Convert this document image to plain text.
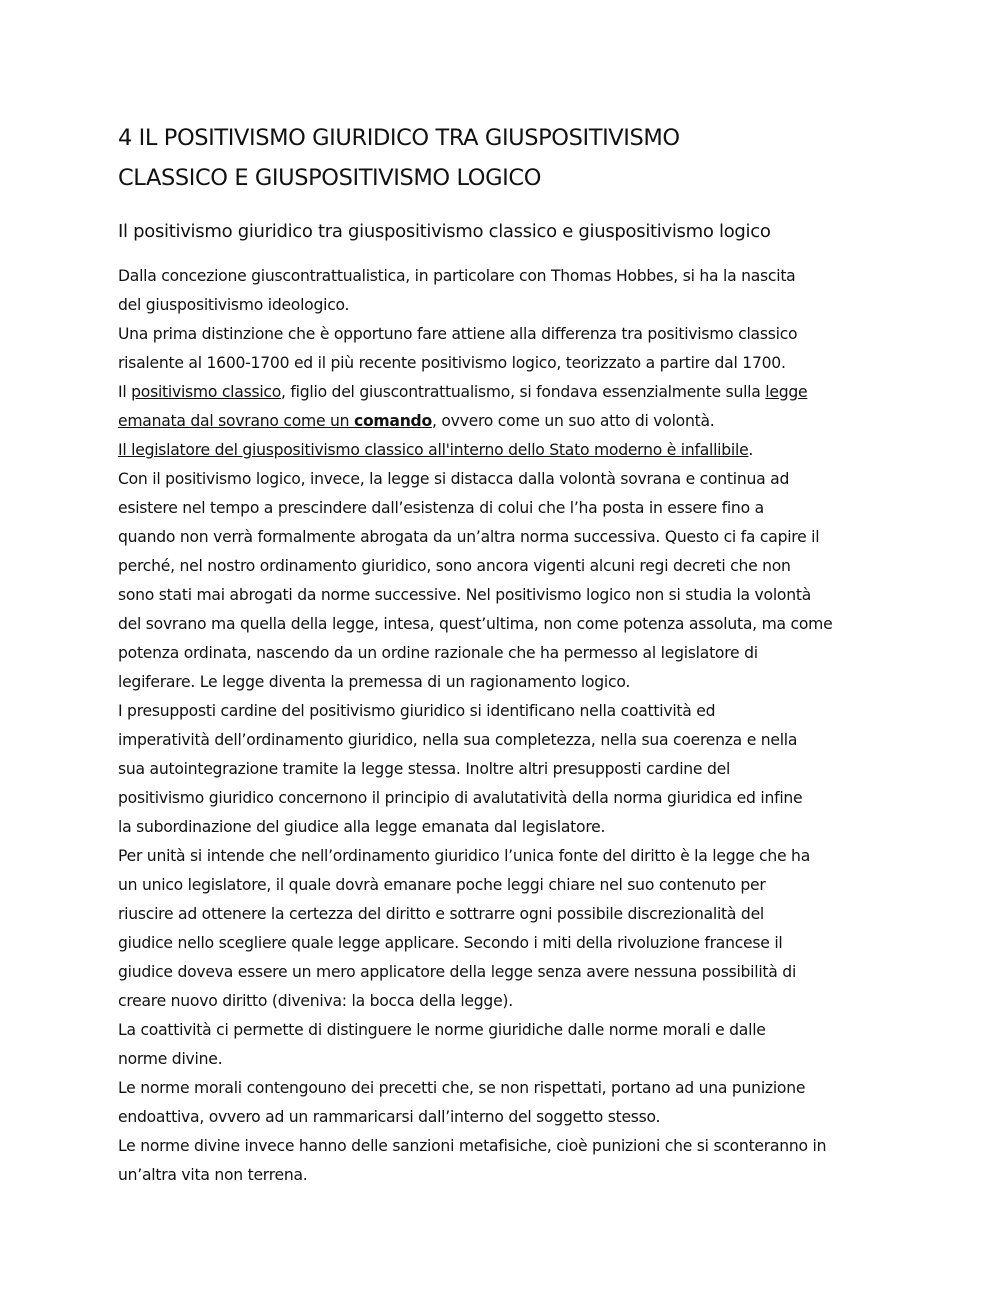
4 IL POSITIVISMO GIURIDICO TRA GIUSPOSITIVISMO
CLASSICO E GIUSPOSITIVISMO LOGICO
Il positivismo giuridico tra giuspositivismo classico e giuspositivismo logico
Dalla concezione giuscontrattualistica, in particolare con Thomas Hobbes, si ha la nascita
del giuspositivismo ideologico.
Una prima distinzione che è opportuno fare attiene alla differenza tra positivismo classico
risalente al 1600-1700 ed il più recente positivismo logico, teorizzato a partire dal 1700.
Il positivismo classico, figlio del giuscontrattualismo, si fondava essenzialmente sulla legge
emanata dal sovrano come un comando, ovvero come un suo atto di volontà.
Il legislatore del giuspositivismo classico all'interno dello Stato moderno è infallibile.
Con il positivismo logico, invece, la legge si distacca dalla volontà sovrana e continua ad
esistere nel tempo a prescindere dall’esistenza di colui che l’ha posta in essere fino a
quando non verrà formalmente abrogata da un’altra norma successiva. Questo ci fa capire il
perché, nel nostro ordinamento giuridico, sono ancora vigenti alcuni regi decreti che non
sono stati mai abrogati da norme successive. Nel positivismo logico non si studia la volontà
del sovrano ma quella della legge, intesa, quest’ultima, non come potenza assoluta, ma come
potenza ordinata, nascendo da un ordine razionale che ha permesso al legislatore di
legiferare. Le legge diventa la premessa di un ragionamento logico.
I presupposti cardine del positivismo giuridico si identificano nella coattività ed
imperatività dell’ordinamento giuridico, nella sua completezza, nella sua coerenza e nella
sua autointegrazione tramite la legge stessa. Inoltre altri presupposti cardine del
positivismo giuridico concernono il principio di avalutatività della norma giuridica ed infine
la subordinazione del giudice alla legge emanata dal legislatore.
Per unità si intende che nell’ordinamento giuridico l’unica fonte del diritto è la legge che ha
un unico legislatore, il quale dovrà emanare poche leggi chiare nel suo contenuto per
riuscire ad ottenere la certezza del diritto e sottrarre ogni possibile discrezionalità del
giudice nello scegliere quale legge applicare. Secondo i miti della rivoluzione francese il
giudice doveva essere un mero applicatore della legge senza avere nessuna possibilità di
creare nuovo diritto (diveniva: la bocca della legge).
La coattività ci permette di distinguere le norme giuridiche dalle norme morali e dalle
norme divine.
Le norme morali contengouno dei precetti che, se non rispettati, portano ad una punizione
endoattiva, ovvero ad un rammaricarsi dall’interno del soggetto stesso.
Le norme divine invece hanno delle sanzioni metafisiche, cioè punizioni che si sconteranno in
un’altra vita non terrena.
